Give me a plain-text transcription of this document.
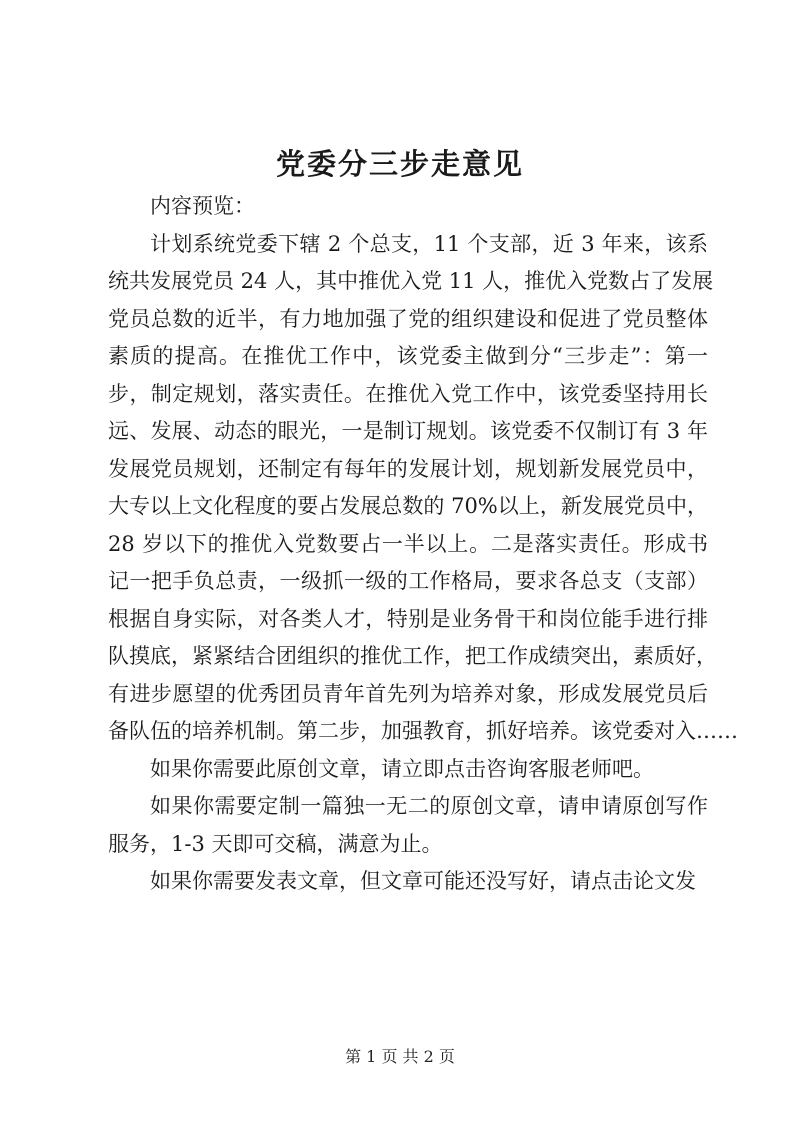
党委分三步走意见
内容预览：
计划系统党委下辖 2 个总支，11 个支部，近 3 年来，该系
统共发展党员 24 人，其中推优入党 11 人，推优入党数占了发展
党员总数的近半，有力地加强了党的组织建设和促进了党员整体
素质的提高。在推优工作中，该党委主做到分“三步走”：第一
步，制定规划，落实责任。在推优入党工作中，该党委坚持用长
远、发展、动态的眼光，一是制订规划。该党委不仅制订有 3 年
发展党员规划，还制定有每年的发展计划，规划新发展党员中，
大专以上文化程度的要占发展总数的 70%以上，新发展党员中，
28 岁以下的推优入党数要占一半以上。二是落实责任。形成书
记一把手负总责，一级抓一级的工作格局，要求各总支（支部）
根据自身实际，对各类人才，特别是业务骨干和岗位能手进行排
队摸底，紧紧结合团组织的推优工作，把工作成绩突出，素质好，
有进步愿望的优秀团员青年首先列为培养对象，形成发展党员后
备队伍的培养机制。第二步，加强教育，抓好培养。该党委对入……
如果你需要此原创文章，请立即点击咨询客服老师吧。
如果你需要定制一篇独一无二的原创文章，请申请原创写作
服务，1-3 天即可交稿，满意为止。
如果你需要发表文章，但文章可能还没写好，请点击论文发
第 1 页 共 2 页
